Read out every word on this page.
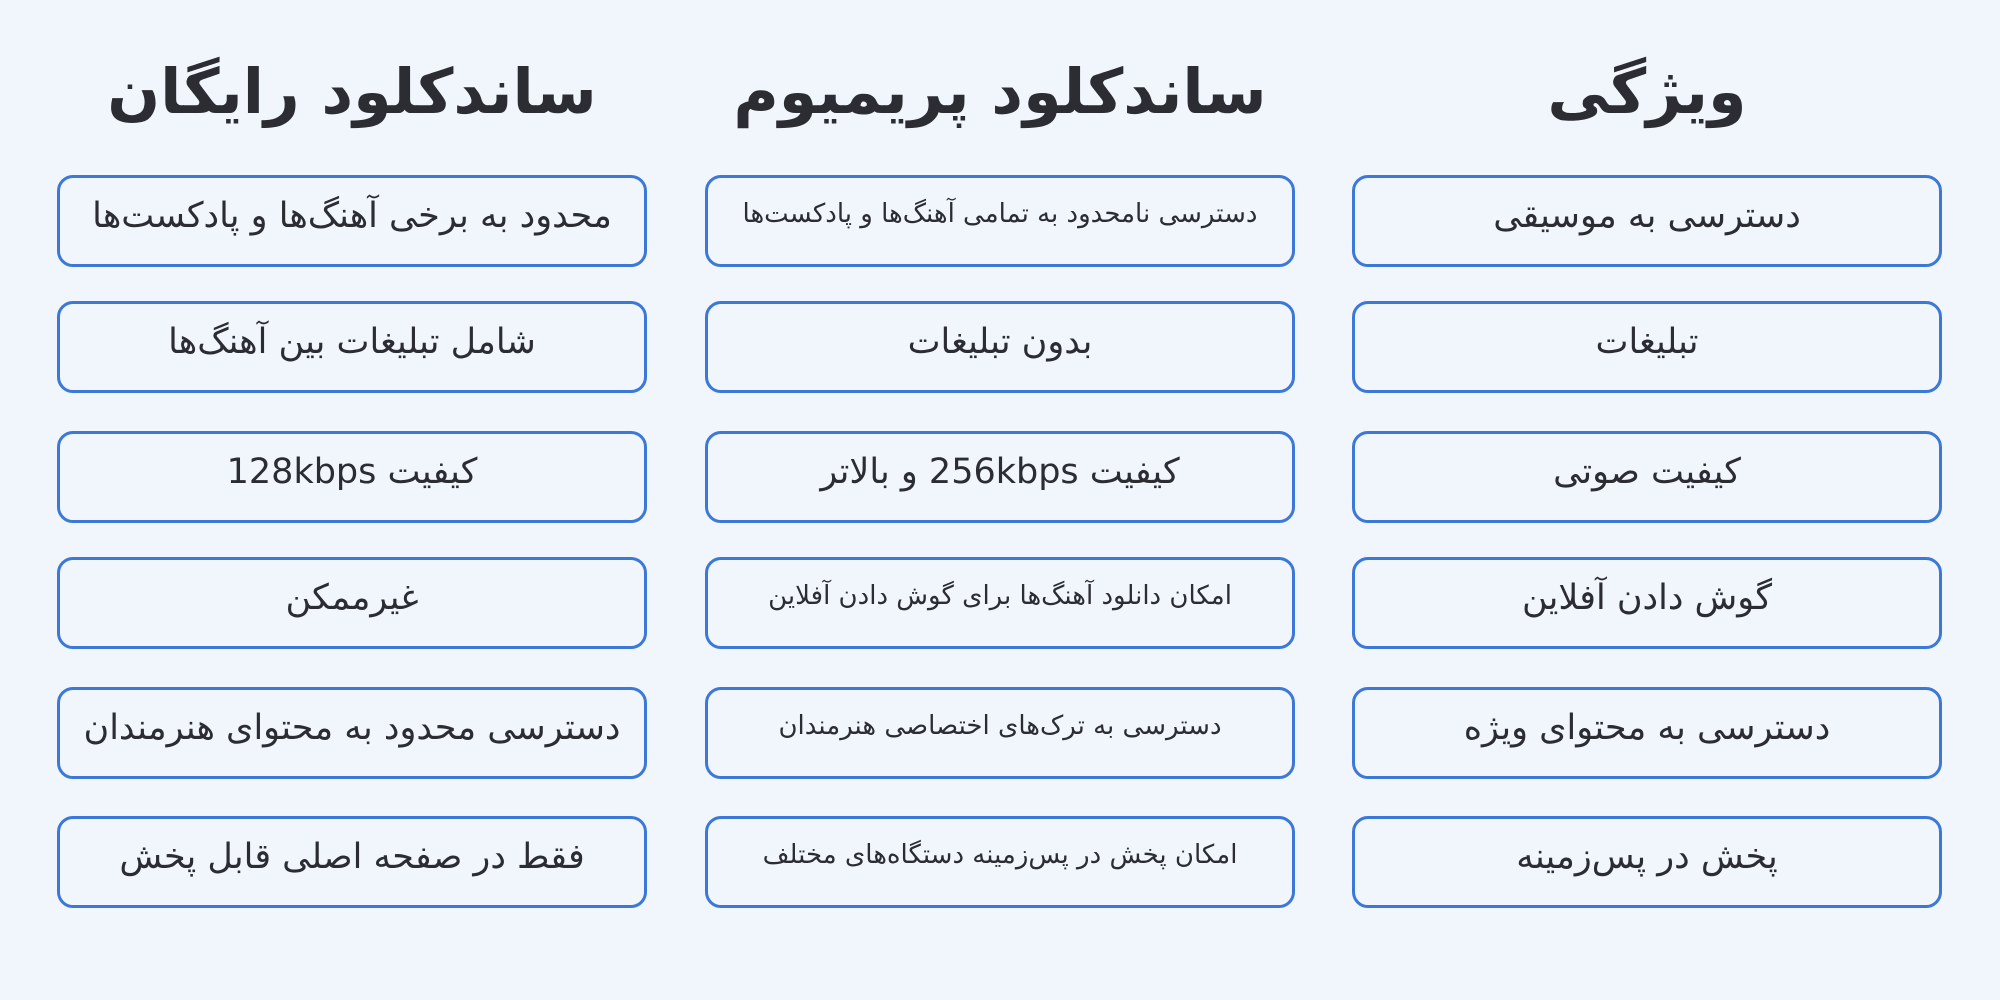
ویژگی
دسترسی به موسیقی
تبلیغات
کیفیت صوتی
گوش دادن آفلاین
دسترسی به محتوای ویژه
پخش در پس‌زمینه
ساندکلود پریمیوم
دسترسی نامحدود به تمامی آهنگ‌ها و پادکست‌ها
بدون تبلیغات
کیفیت 256kbps و بالاتر
امکان دانلود آهنگ‌ها برای گوش دادن آفلاین
دسترسی به ترک‌های اختصاصی هنرمندان
امکان پخش در پس‌زمینه دستگاه‌های مختلف
ساندکلود رایگان
محدود به برخی آهنگ‌ها و پادکست‌ها
شامل تبلیغات بین آهنگ‌ها
کیفیت 128kbps
غیرممکن
دسترسی محدود به محتوای هنرمندان
فقط در صفحه اصلی قابل پخش
